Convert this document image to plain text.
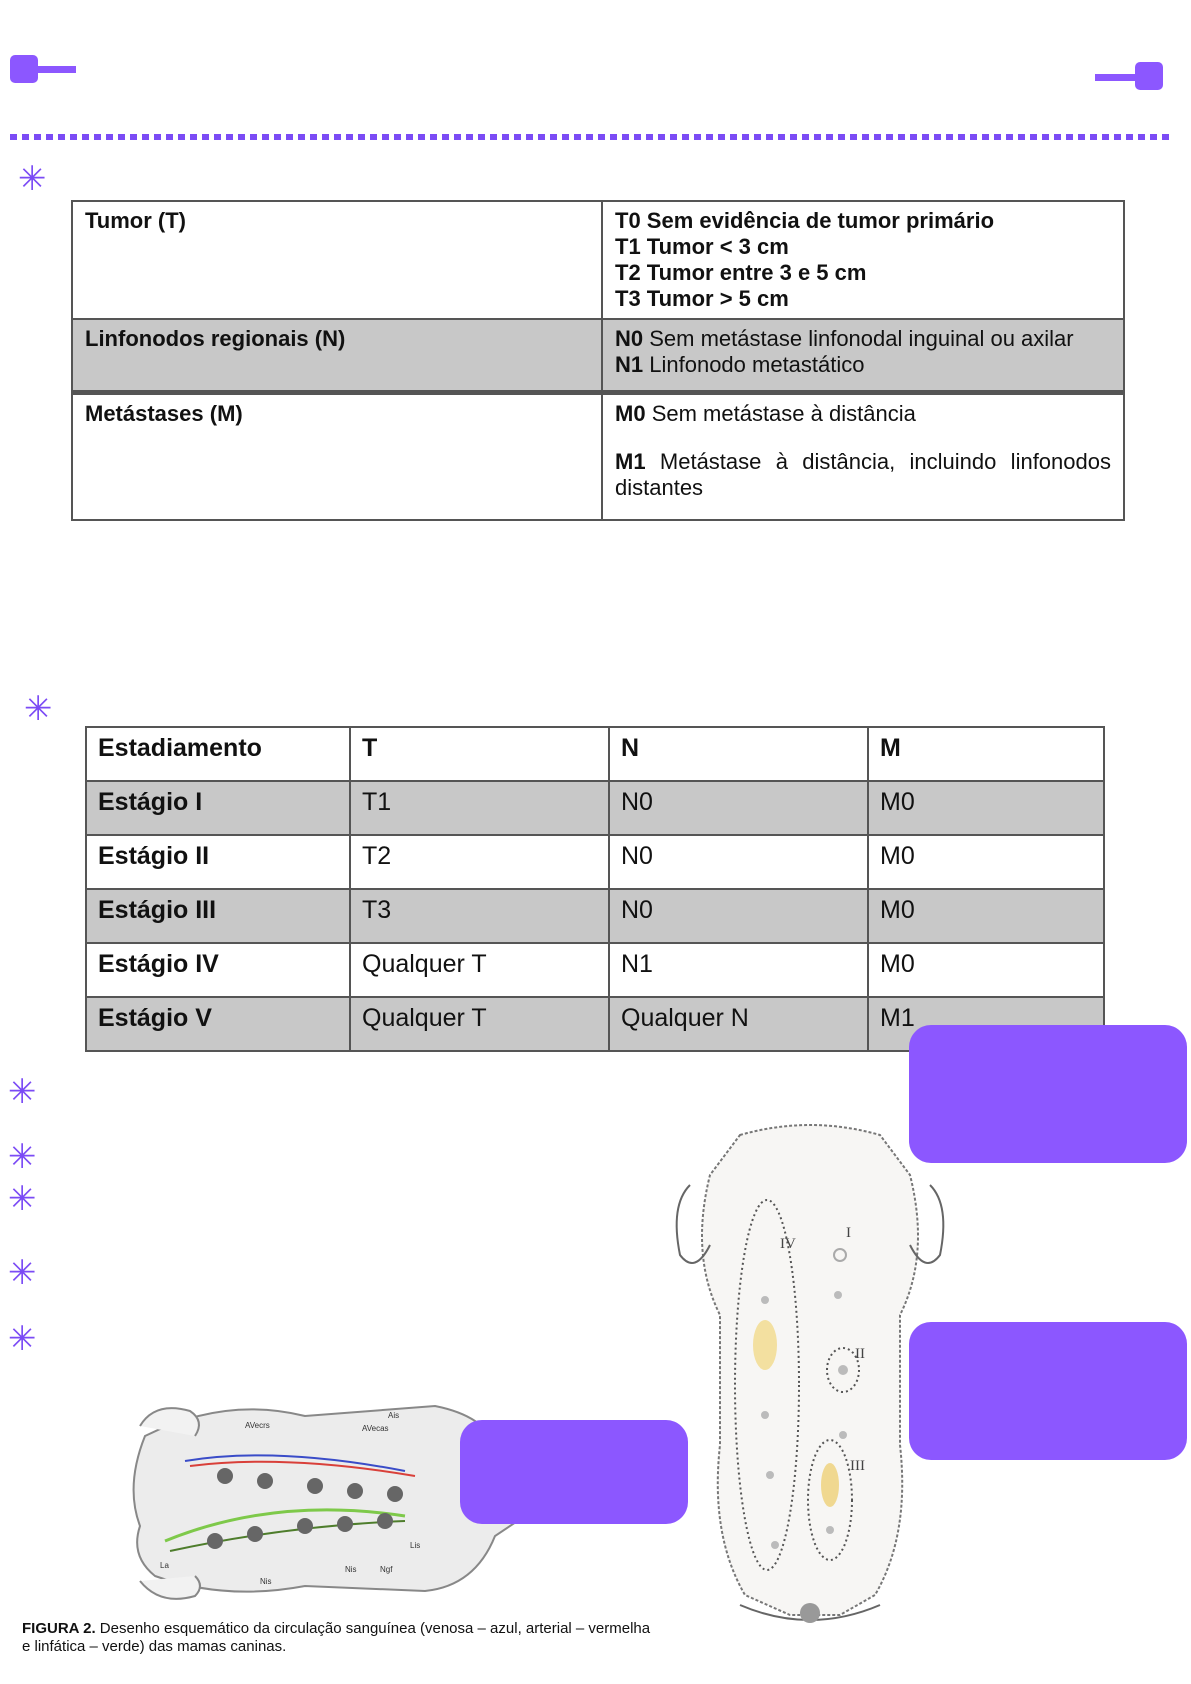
✳
✳
✳
✳
✳
✳
✳
Tumor (T)	T0 Sem evidência de tumor primário
T1 Tumor < 3 cm
T2 Tumor entre 3 e 5 cm
T3 Tumor > 5 cm

Linfonodos regionais (N)	N0 Sem metástase linfonodal inguinal ou axilar
N1 Linfonodo metastático

Metástases (M)	M0 Sem metástase à distância
M1 Metástase à distância, incluindo linfonodos distantes
Estadiamento	T	N	M
Estágio I	T1	N0	M0
Estágio II	T2	N0	M0
Estágio III	T3	N0	M0
Estágio IV	Qualquer T	N1	M0
Estágio V	Qualquer T	Qualquer N	M1
I
II
III
IV
AVecrs
Ais
AVecas
La
Lis
Nis
Nis	Ngf
FIGURA 2. Desenho esquemático da circulação sanguínea (venosa – azul, arterial – vermelha e linfática – verde) das mamas caninas.
